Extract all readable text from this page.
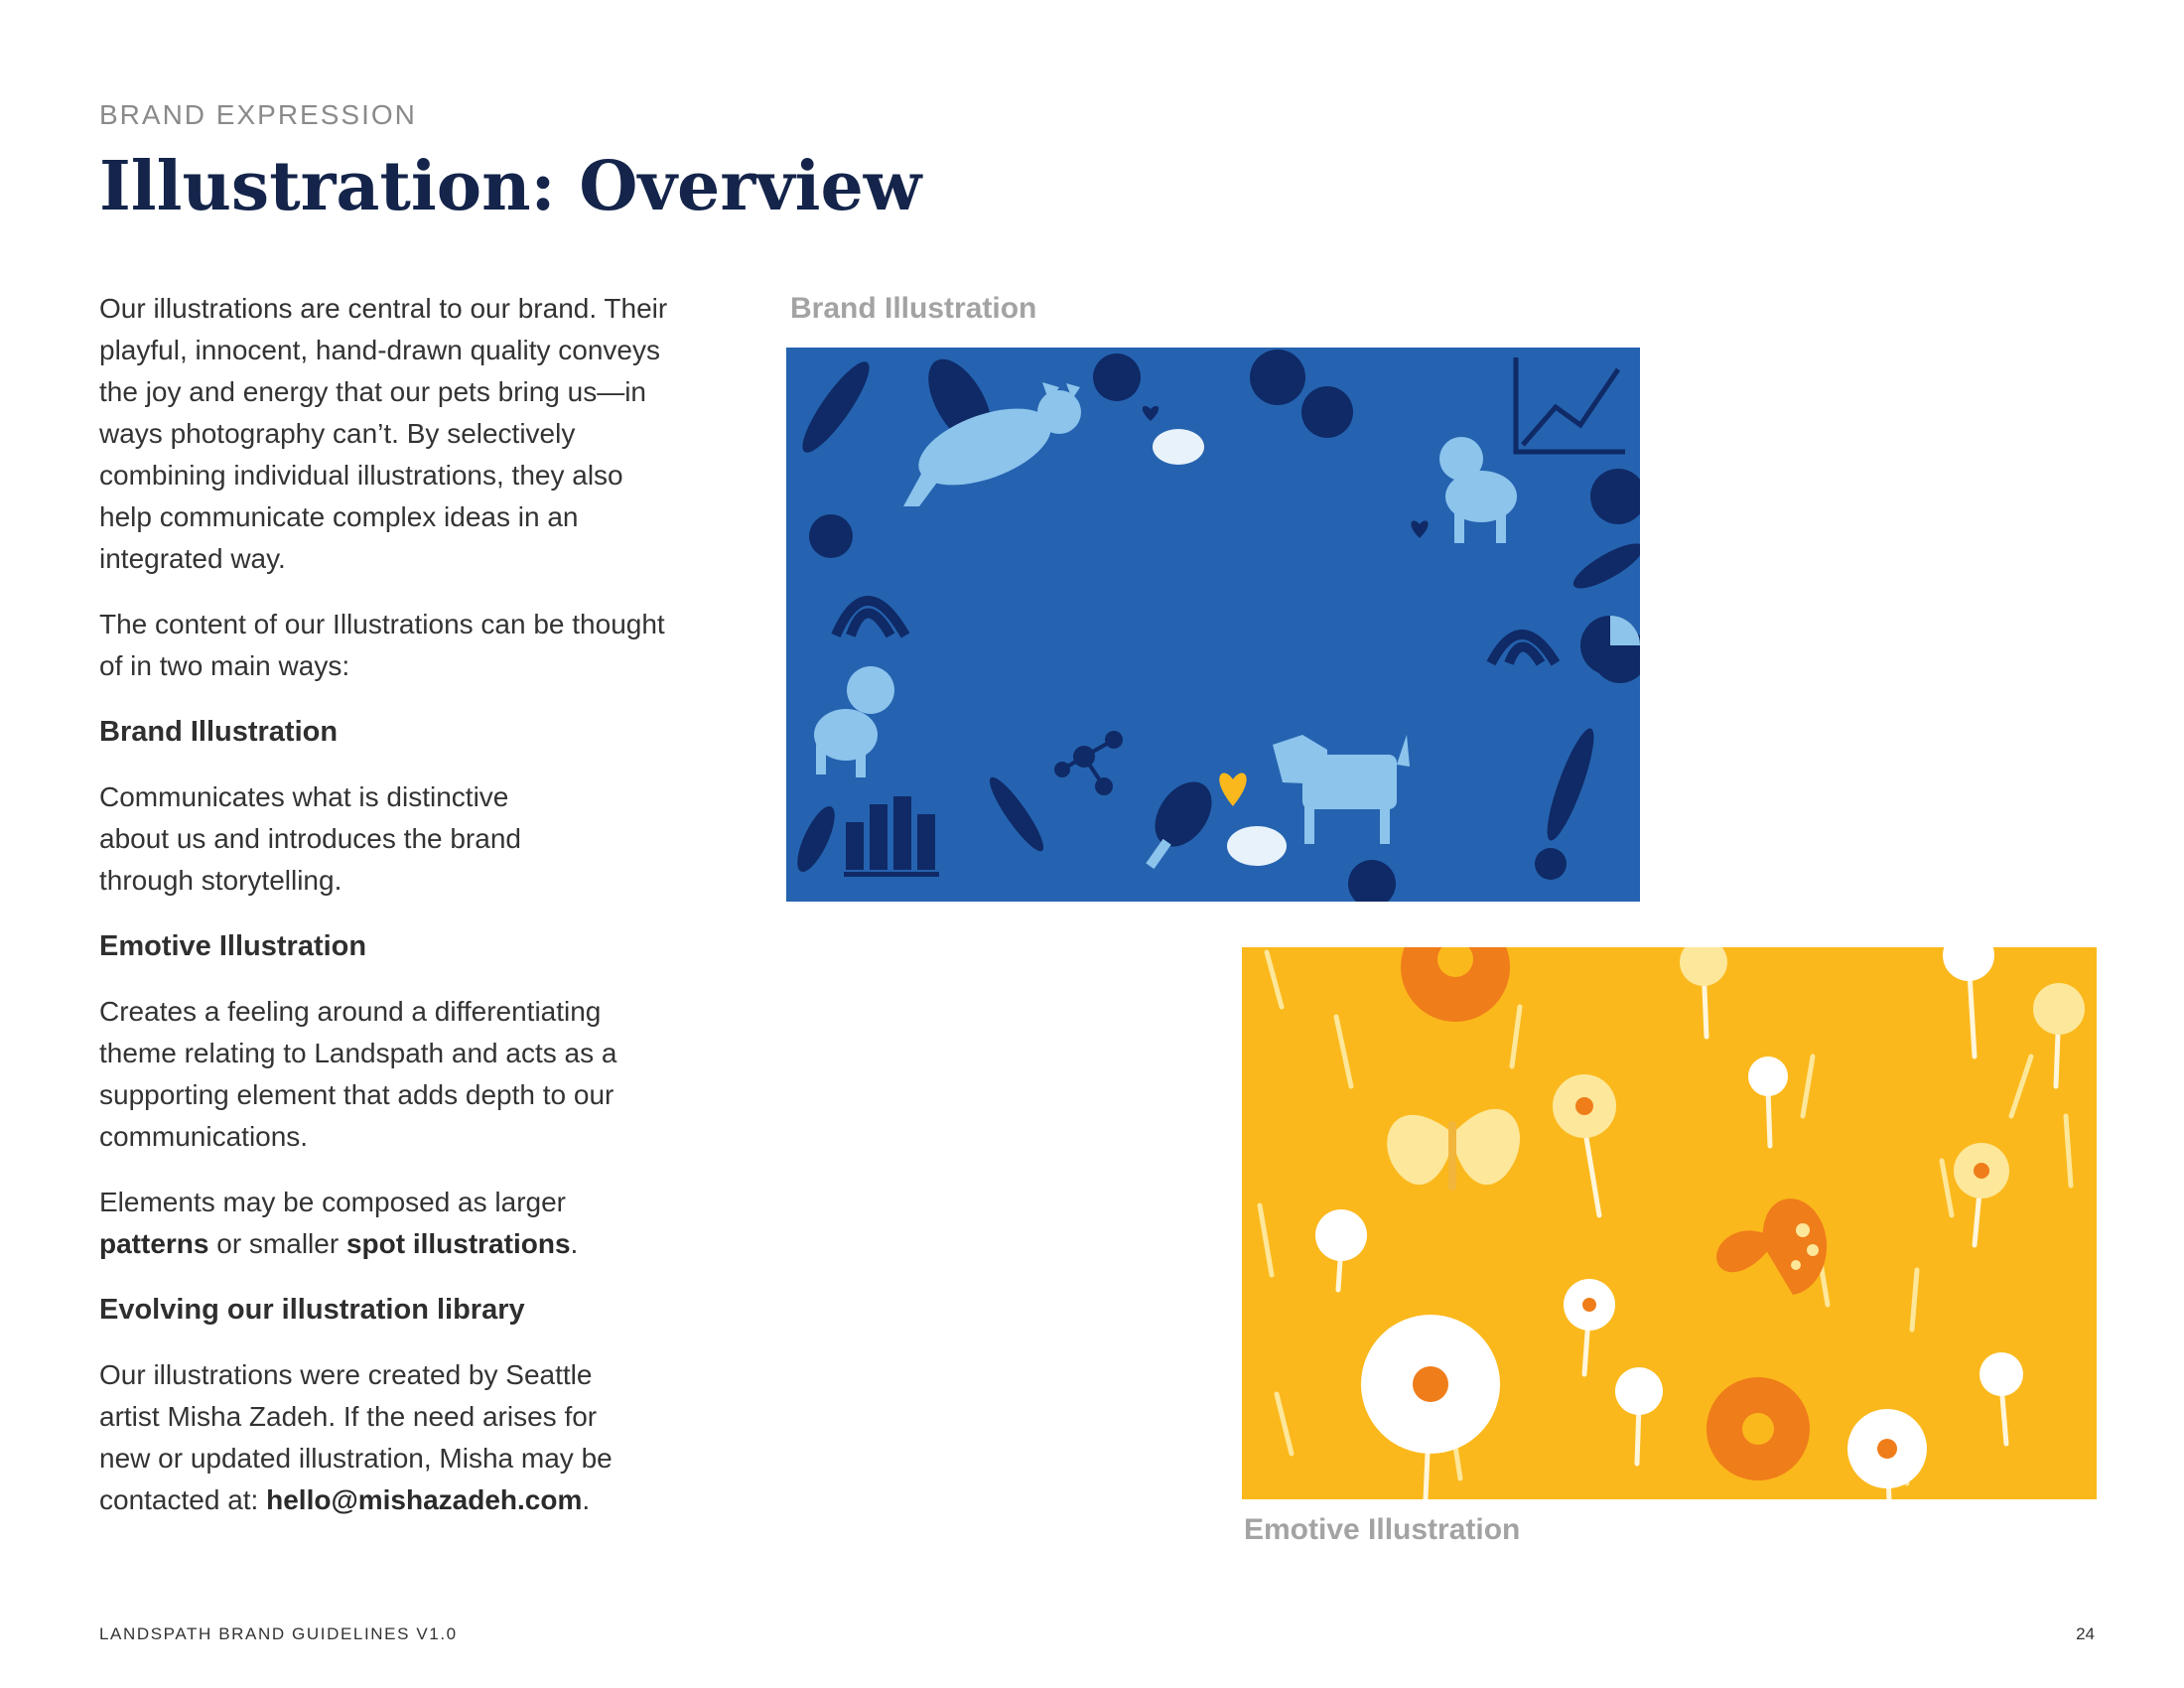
BRAND EXPRESSION
Illustration: Overview

Our illustrations are central to our brand. Their playful, innocent, hand-drawn quality conveys the joy and energy that our pets bring us—in ways photography can’t. By selectively combining individual illustrations, they also help communicate complex ideas in an integrated way.

The content of our Illustrations can be thought of in two main ways:

Brand Illustration

Communicates what is distinctive about us and introduces the brand through storytelling.

Emotive Illustration

Creates a feeling around a differentiating theme relating to Landspath and acts as a supporting element that adds depth to our communications.

Elements may be composed as larger patterns or smaller spot illustrations.

Evolving our illustration library

Our illustrations were created by Seattle artist Misha Zadeh. If the need arises for new or updated illustration, Misha may be contacted at: hello@mishazadeh.com.

Brand Illustration
Emotive Illustration
LANDSPATH BRAND GUIDELINES V1.0	24
